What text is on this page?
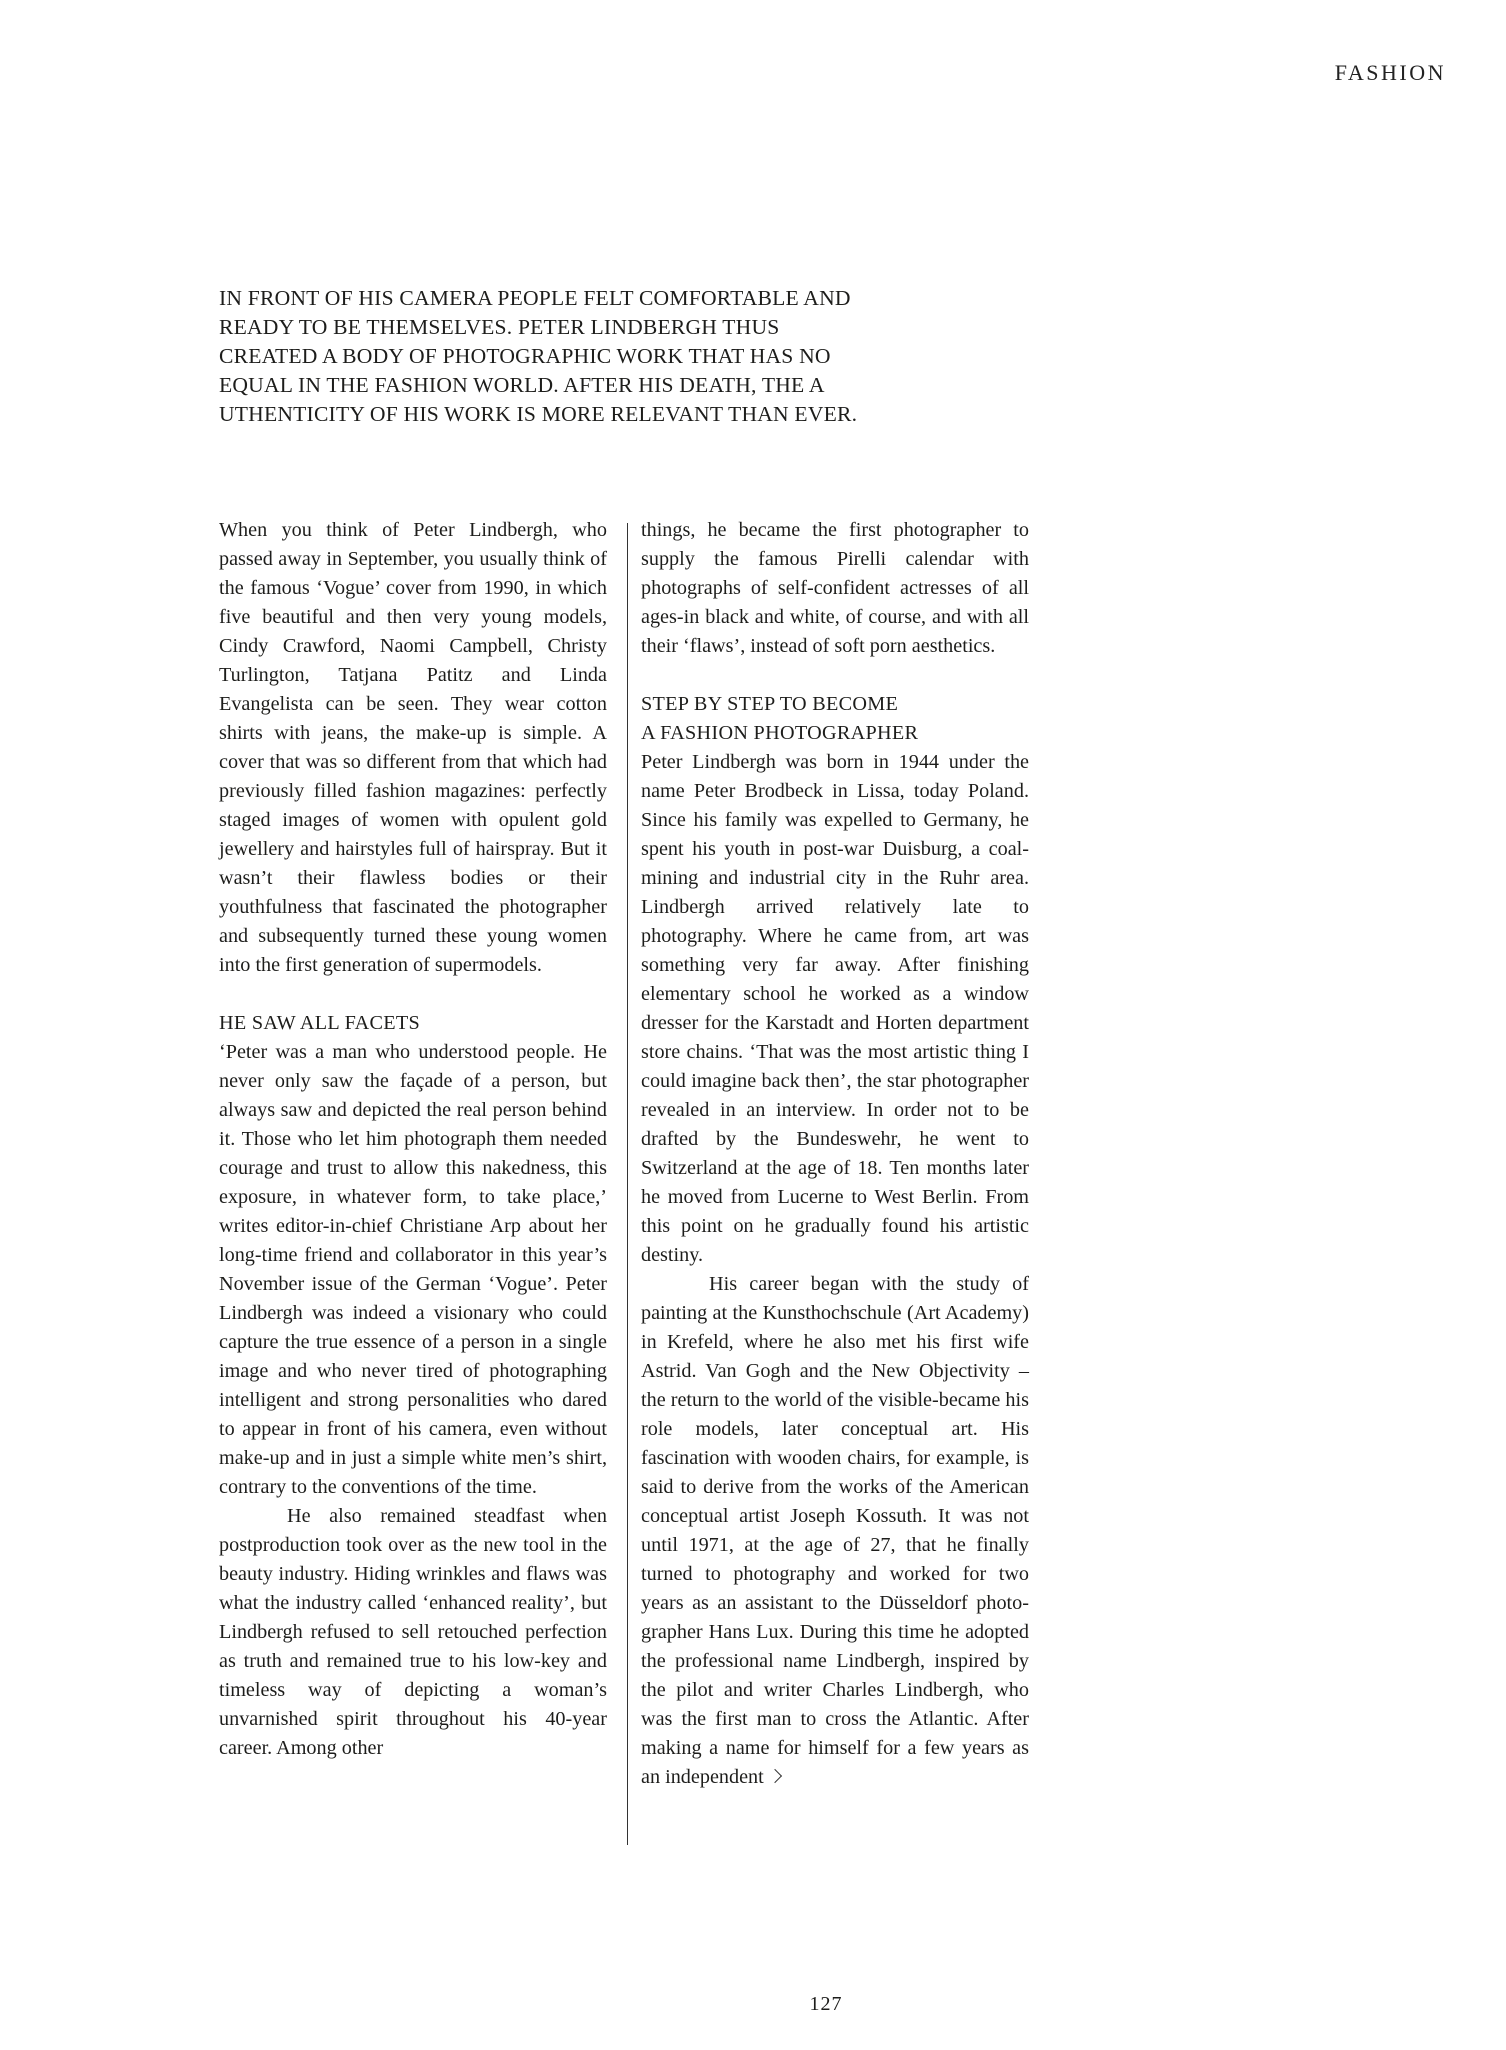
FASHION
IN FRONT OF HIS CAMERA PEOPLE FELT COMFORTABLE AND
READY TO BE THEMSELVES. PETER LINDBERGH THUS
CREATED A BODY OF PHOTOGRAPHIC WORK THAT HAS NO
EQUAL IN THE FASHION WORLD. AFTER HIS DEATH, THE A
UTHENTICITY OF HIS WORK IS MORE RELEVANT THAN EVER.

When you think of Peter Lindbergh, who passed away in September, you usually think of the famous ‘Vogue’ cover from 1990, in which five beautiful and then very young models, Cindy Crawford, Naomi Campbell, Christy Turlington, Tatjana Patitz and Linda Evangelista can be seen. They wear cotton shirts with jeans, the make-up is simple. A cover that was so different from that which had previously filled fashion magazines: perfectly staged images of women with opulent gold jewellery and hairstyles full of hairspray. But it wasn’t their flawless bodies or their youthfulness that fascinated the photographer and subsequently turned these young women into the first generation of supermodels.

HE SAW ALL FACETS

‘Peter was a man who understood people. He never only saw the façade of a person, but always saw and depicted the real person behind it. Those who let him photograph them needed courage and trust to allow this nakedness, this exposure, in whatever form, to take place,’ writes editor-in-chief Christiane Arp about her long-time friend and collaborator in this year’s November issue of the German ‘Vogue’. Peter Lindbergh was indeed a visionary who could capture the true essence of a person in a single image and who never tired of photographing intelligent and strong personalities who dared to appear in front of his camera, even without make-up and in just a simple white men’s shirt, contrary to the conventions of the time.

He also remained steadfast when postproduction took over as the new tool in the beauty industry. Hiding wrinkles and flaws was what the industry called ‘enhanced reality’, but Lindbergh refused to sell retouched perfection as truth and remained true to his low-key and timeless way of depicting a woman’s unvarnished spirit throughout his 40-year career. Among other

things, he became the first photographer to supply the famous Pirelli calendar with photographs of self-confident actresses of all ages-in black and white, of course, and with all their ‘flaws’, instead of soft porn aesthetics.

STEP BY STEP TO BECOME
A FASHION PHOTOGRAPHER

Peter Lindbergh was born in 1944 under the name Peter Brodbeck in Lissa, today Poland. Since his family was expelled to Germany, he spent his youth in post-war Duisburg, a coal-mining and industrial city in the Ruhr area. Lindbergh arrived relatively late to photography. Where he came from, art was something very far away. After finishing elementary school he worked as a window dresser for the Karstadt and Horten department store chains. ‘That was the most artistic thing I could imagine back then’, the star photographer revealed in an interview. In order not to be drafted by the Bundeswehr, he went to Switzerland at the age of 18. Ten months later he moved from Lucerne to West Berlin. From this point on he gradually found his artistic destiny.

His career began with the study of painting at the Kunsthochschule (Art Academy) in Krefeld, where he also met his first wife Astrid. Van Gogh and the New Objectivity – the return to the world of the visible-became his role models, later conceptual art. His fascination with wooden chairs, for example, is said to derive from the works of the American conceptual artist Joseph Kossuth. It was not until 1971, at the age of 27, that he finally turned to photography and worked for two years as an assistant to the Düsseldorf photographer Hans Lux. During this time he adopted the professional name Lindbergh, inspired by the pilot and writer Charles Lindbergh, who was the first man to cross the Atlantic. After making a name for himself for a few years as an independent

127
